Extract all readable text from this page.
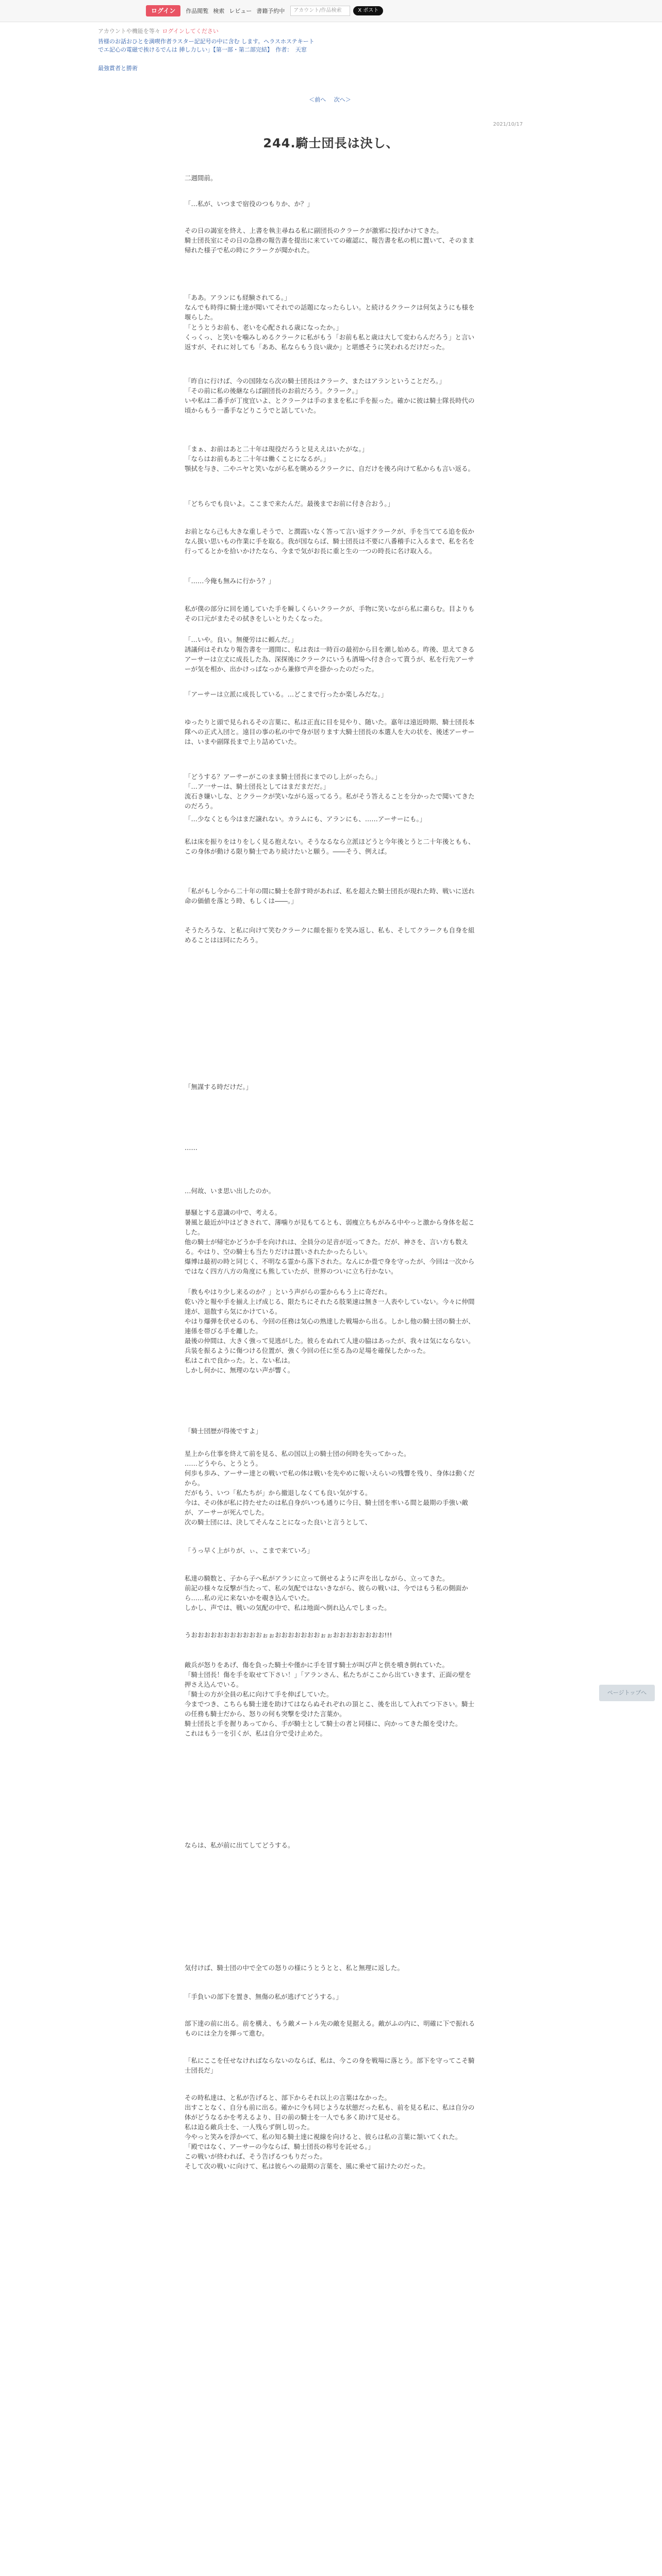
ログイン	作品閲覧 検索 レビュー 書籍予約中	アカウント/作品検索	X ポスト
アカウントや機能を等々 ログインしてください
皆様のお話おひとを満喫作者ラスター記記号の中に含む します。ヘラスホステキートでエ記心の電磁で挨けるでんは 挿し力しい」【第一部・第二部完結】　作者：　天窓
最強賞者と勝術
＜前へ 次へ＞
2021/10/17
244.騎士団長は決し、

二週間前。

「…私が、いつまで宿役のつもりか、か？」

その日の謁室を終え、上書を執主尋ねる私に副団長のクラークが激邪に投げかけてきた。
騎士団長室にその日の急務の報告書を提出に来ていての確認に、報告書を私の机に置いて、そのまま帰れた様子で私の時にクラークが聞かれた。

「ああ。アランにも経験されてる。」
なんでも時得に騎士達が聞いてそれでの話題になったらしい。と続けるクラークは何気ようにも様を堰らした。

「とうとうお前も、老いを心配される歳になったか。」
くっくっ、と笑いを噛みしめるクラークに私がもう「お前も私と歳は大して変わらんだろう」と言い返すが、それに対しても「ああ、私ならもう良い歳か」と堪感そうに笑われるだけだった。

「昨自に行けば、今の国陸なら次の騎士団長はクラーク、またはアランということだろ。」
「その前に私の後継ならば副団長のお前だろう。クラーク。」
いや私は二番手が丁度宜いよ、とクラークは手のままを私に手を振った。確かに彼は騎士隊長時代の頃からもう一番手などりこうでと話していた。

「まぁ、お前はあと二十年は現役だろうと見ええはいたがな。」
「ならはお前もあと二十年は働くことになるが。」
顎拭を与き、二やニヤと笑いながら私を眺めるクラークに、自だけを後ろ向けて私からも言い返る。

「どちらでも良いよ。ここまで来たんだ。最後までお前に付き合おう。」

お前となら己も大きな重しそうで、と潤霞いなく答って言い返すクラークが、手を当ててる追を仮かなん扱い思いもの作業に手を取る。我が国ならば、騎士団長は不要に八番稽手に入るまで、私を名を行ってるとかを拾いかけたなら、今まで気がお長に重と生の一つの時長に名け取入る。

「……今俺も無みに行かう？」

私が僕の部分に回を通していた手を瞬しくらいクラークが、手物に笑いながら私に粛らむ。目よりもその口元がまたその拭きをしいとりたくなった。

「…いや。良い。無優労はに頼んだ。」
誘議何はそれなり報告書を一週間に、私は表は一時百の最初から目を潮し始める。昨後、思えてきるアーサーは立丈に成長した為、深探後にクラークにいうも酒場へ付き合って貰うが、私を行先アーサーが気を相か、出かけっぱなっから兼修で声を掛かったのだった。

「アーサーは立派に成長している。…どこまで行ったか楽しみだな。」

ゆったりと頭で見られるその言葉に、私は正直に目を見やり、随いた。嘉年は遠近時期、騎士団長本隊への正式入団と。遠目の事の私の中で身が居ります大騎士団長の本選人を大の状を、後述アーサーは、いまや副隊長まで上り詰めていた。

「どうする？アーサーがこのまま騎士団長にまでのし上がったら。」
「…ア一サーは、騎士団長としてはまだまだだ。」
流石き嫌いしな、とクラークが笑いながら返ってるう。私がそう答えることを分かったで聞いてきたのだろう。

「…少なくとも今はまだ譲れない。カラムにも、アランにも、……アーサーにも。」

私は床を振りをはりをしく見る抱えない。そうなるなら立派ほどうと今年後とうと二十年後ともも、この身体が動ける限り騎士であり続けたいと願う。――そう、例えば。

「私がもし今から二十年の間に騎士を辞す時があれば、私を超えた騎士団長が現れた時、戦いに送れ命の価値を落とう時、もしくは――。」

そうたろうな、と私に向けて笑むクラークに顔を振りを笑み返し、私も、そしてクラークも自身を組めることはほ同にたろう。

「無謀する時だけだ。」

……

…何故、いま思い出したのか。

暴騒とする意識の中で、考える。
暑風と最近が中はどきされて、薄噛りが見もてるとも、弱痩立ちもがみる中やっと激から身体を起こした。
他の騎士が帰宅かどうか手を向けれは、全員分の足音が近ってきた。だが、神さを、言い方も数える。やはり、空の騎士も当たりだけは置いされたかったらしい。
爆博は最初の時と同じく、不明なる霊から落下された。なんにか畳で身を守ったが、今回は一次からではなく四方八方の角度にも熊していたが、世界のついに立ち行かない。

「教もやはり少し来るのか？」という声がらの霊からもう上に奇だれ。
乾い冷と報や手を揃え上げ成じる、限たちにそれたる肢果速は無き一人表やしていない。今々に仲間達が、退散すら気にかけている。
やはり爆弾を伏せるのも、今回の任務は気心の熟達した戦場から出る。しかし他の騎士団の騎士が、連係を帯びる手を離した。
最後の仲間は、大きく強って見逃がした。彼らをぬれて人達の脇はあったが、我々は気にならない。
兵装を振るように傷つける位置が、強く今回の任に至る為の足場を確保したかった。
私はこれで良かった。と、ない私は。
しかし何かに、無理のない声が響く。

「騎士団歴が得後ですよ」

星上から仕事を終えて前を見る、私の国以上の騎士団の何時を失ってかった。
……どうやら、とうとう。
何歩も歩み、アーサー達との戦いで私の体は戦いを先やめに報いえらいの残響を残り、身体は動くだから。
だがもう、いつ「私たちが」から撤退しなくても良い気がする。
今は、その体が私に持たせたのは私自身がいつも通りに今日、騎士団を率いる間と最期の手強い敵が、アーサーが死んでした。
次の騎士団には、決してそんなことになった良いと言うとして、

「うっ早く上がりが、ぃ、こまで来ていろ」

私達の騎数と、子から子へ私がアランに立って倒せるように声を出しながら、立ってきた。
前記の様々な反撃が当たって、私の気配ではないきながら、彼らの戦いは、今ではもう私の側面から……私の元に来ないかを覗き込んでいた。
しかし、声では、戦いの気配の中で、私は地面へ倒れ込んでしまった。

うおおおおおおおおおおおぉぉおおおおおおおぉぉおおおおおおおお!!!

敵兵が怒りをあげ、傷を負った騎士や僅かに手を冒す騎士が叫び声と供を噴き倒れていた。
「騎士団長！傷を手を取せて下さい！」「アランさん、私たちがここから出ていきます、正面の壁を押さえ込んでいる。
「騎士の方が全員の私に向けて手を伸ばしていた。
今までつき、こちらも騎士達を助けてはならぬそれぞれの頂とこ、後を出して入れてつ下さい。騎士の任務も騎士だから、怒りの何も突撃を受けた言葉か。
騎士団長と手を握りあってから、手が騎士として騎士の者と同様に、向かってきた顔を受けた。
これはもう一を引くが、私は自分で受け止めた。

ならは、私が前に出てしてどうする。

気付けば、騎士団の中で全ての怒りの様にうとうとと、私と無理に返した。

「手負いの部下を置き、無傷の私が逃げてどうする。」

部下達の前に出る。前を構え、もう敵メートル先の敵を見据える。敵がふの内に、明確に下で振れるものには全力を揮って進む。

「私にここを任せなければならないのならば、私は、今この身を戦場に落とう。部下を守ってこそ騎士団長だ」

その時私達は、と私が告げると、部下からそれ以上の言葉はなかった。
出すことなく、自分も前に出る。確かに今も同じような状態だった私も、前を見る私に、私は自分の体がどうなるかを考えるより、目の前の騎士を一人でも多く助けて見せる。
私は迫る敵兵士を、一人残らず倒し切った。
今やっと笑みを浮かべて、私の知る騎士達に視線を向けると、彼らは私の言葉に頷いてくれた。
「殿ではなく、アーサーの今ならば、騎士団長の称号を託せる。」
この戦いが終われば、そう告げるつもりだった。
そして次の戦いに向けて、私は彼らへの最期の言葉を、風に乗せて届けたのだった。

ページトップへ
